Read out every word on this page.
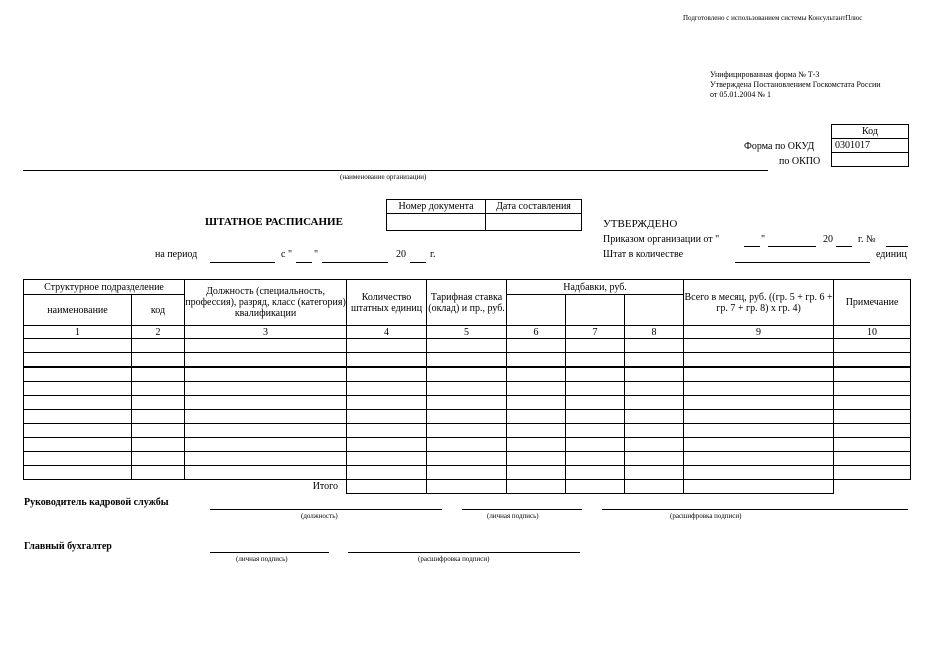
Подготовлено с использованием системы КонсультантПлюс
Унифицированная форма № Т-3
Утверждена Постановлением Госкомстата России
от 05.01.2004 № 1
Форма по ОКУД
по ОКПО
Код
0301017

(наименование организации)
ШТАТНОЕ РАСПИСАНИЕ
Номер документа	Дата составления

на период	с " "	20 г.
УТВЕРЖДЕНО
Приказом организации от "	"	20	г. №
Штат в количестве	единиц
Структурное подразделение		Должность (специальность, профессия), разряд, класс (категория) квалификации	Количество штатных единиц	Тарифная ставка (оклад) и пр., руб.	Надбавки, руб.			Всего в месяц, руб. ((гр. 5 + гр. 6 + гр. 7 + гр. 8) х гр. 4)	Примечание
наименование	код								
1	2	3	4	5	6	7	8	9	10

Итого									
Руководитель кадровой службы
(должность)	(личная подпись)	(расшифровка подписи)
Главный бухгалтер
(личная подпись)	(расшифровка подписи)
